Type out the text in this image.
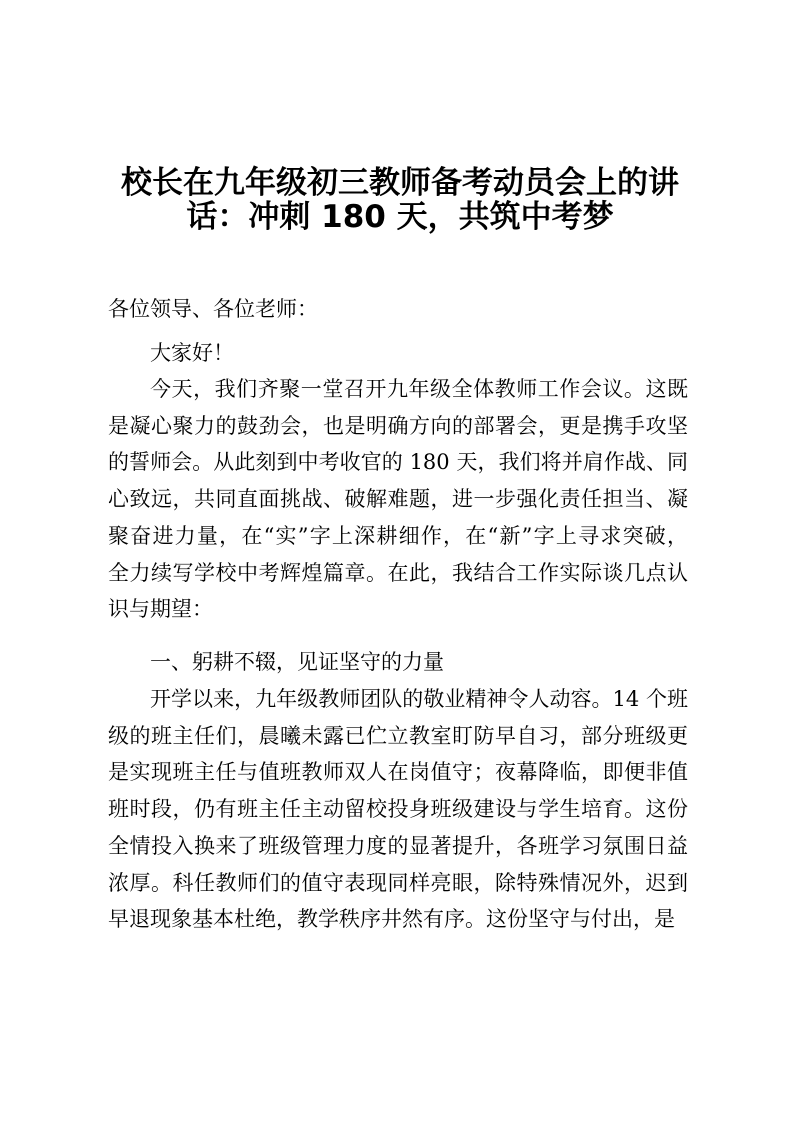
校长在九年级初三教师备考动员会上的讲
话：冲刺 180 天，共筑中考梦
各位领导、各位老师：
大家好！
今天，我们齐聚一堂召开九年级全体教师工作会议。这既
是凝心聚力的鼓劲会，也是明确方向的部署会，更是携手攻坚
的誓师会。从此刻到中考收官的 180 天，我们将并肩作战、同
心致远，共同直面挑战、破解难题，进一步强化责任担当、凝
聚奋进力量，在“实”字上深耕细作，在“新”字上寻求突破，
全力续写学校中考辉煌篇章。在此，我结合工作实际谈几点认
识与期望：
一、躬耕不辍，见证坚守的力量
开学以来，九年级教师团队的敬业精神令人动容。14 个班
级的班主任们，晨曦未露已伫立教室盯防早自习，部分班级更
是实现班主任与值班教师双人在岗值守；夜幕降临，即便非值
班时段，仍有班主任主动留校投身班级建设与学生培育。这份
全情投入换来了班级管理力度的显著提升，各班学习氛围日益
浓厚。科任教师们的值守表现同样亮眼，除特殊情况外，迟到
早退现象基本杜绝，教学秩序井然有序。这份坚守与付出，是
